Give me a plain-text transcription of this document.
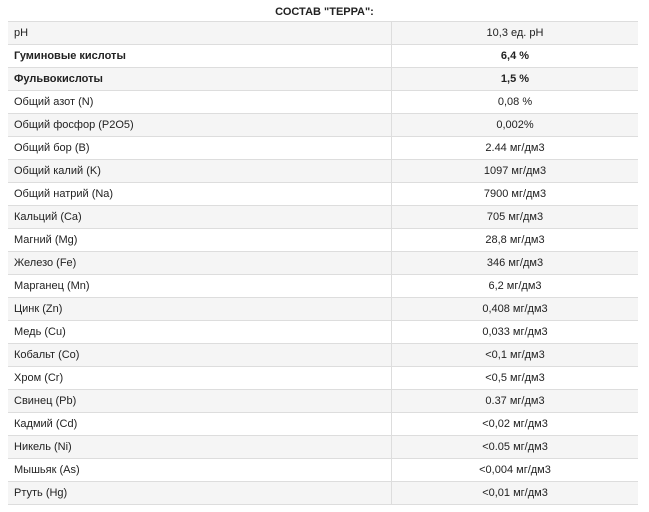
СОСТАВ "ТЕРРА":
pH	10,3 ед. pH
Гуминовые кислоты	6,4 %
Фульвокислоты	1,5 %
Общий азот (N)	0,08 %
Общий фосфор (P2O5)	0,002%
Общий бор (B)	2.44 мг/дм3
Общий калий (K)	1097 мг/дм3
Общий натрий (Na)	7900 мг/дм3
Кальций (Ca)	705 мг/дм3
Магний (Mg)	28,8 мг/дм3
Железо (Fe)	346 мг/дм3
Марганец (Mn)	6,2 мг/дм3
Цинк (Zn)	0,408 мг/дм3
Медь (Cu)	0,033 мг/дм3
Кобальт (Co)	<0,1 мг/дм3
Хром (Cr)	<0,5 мг/дм3
Свинец (Pb)	0.37 мг/дм3
Кадмий (Cd)	<0,02 мг/дм3
Никель (Ni)	<0.05 мг/дм3
Мышьяк (As)	<0,004 мг/дм3
Ртуть (Hg)	<0,01 мг/дм3
